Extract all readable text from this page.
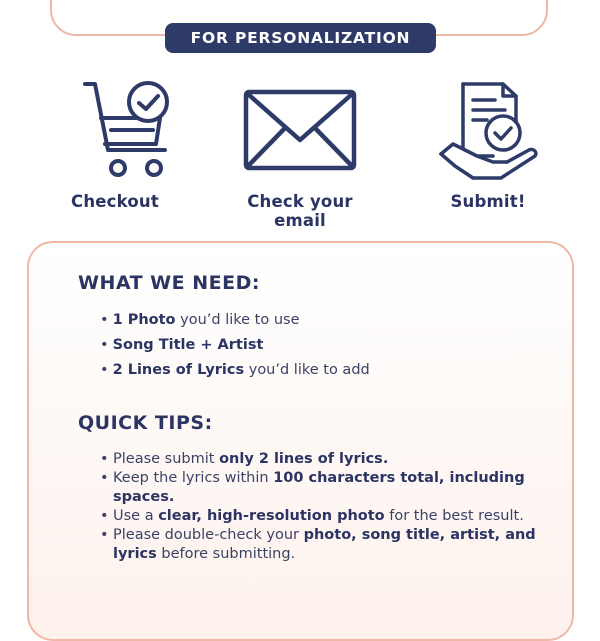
FOR PERSONALIZATION
Checkout	Check your email
Submit!
WHAT WE NEED:
• 1 Photo you’d like to use
• Song Title + Artist
• 2 Lines of Lyrics you’d like to add
QUICK TIPS:
• Please submit only 2 lines of lyrics.
• Keep the lyrics within 100 characters total, including spaces.
• Use a clear, high-resolution photo for the best result.
• Please double-check your photo, song title, artist, and lyrics before submitting.
